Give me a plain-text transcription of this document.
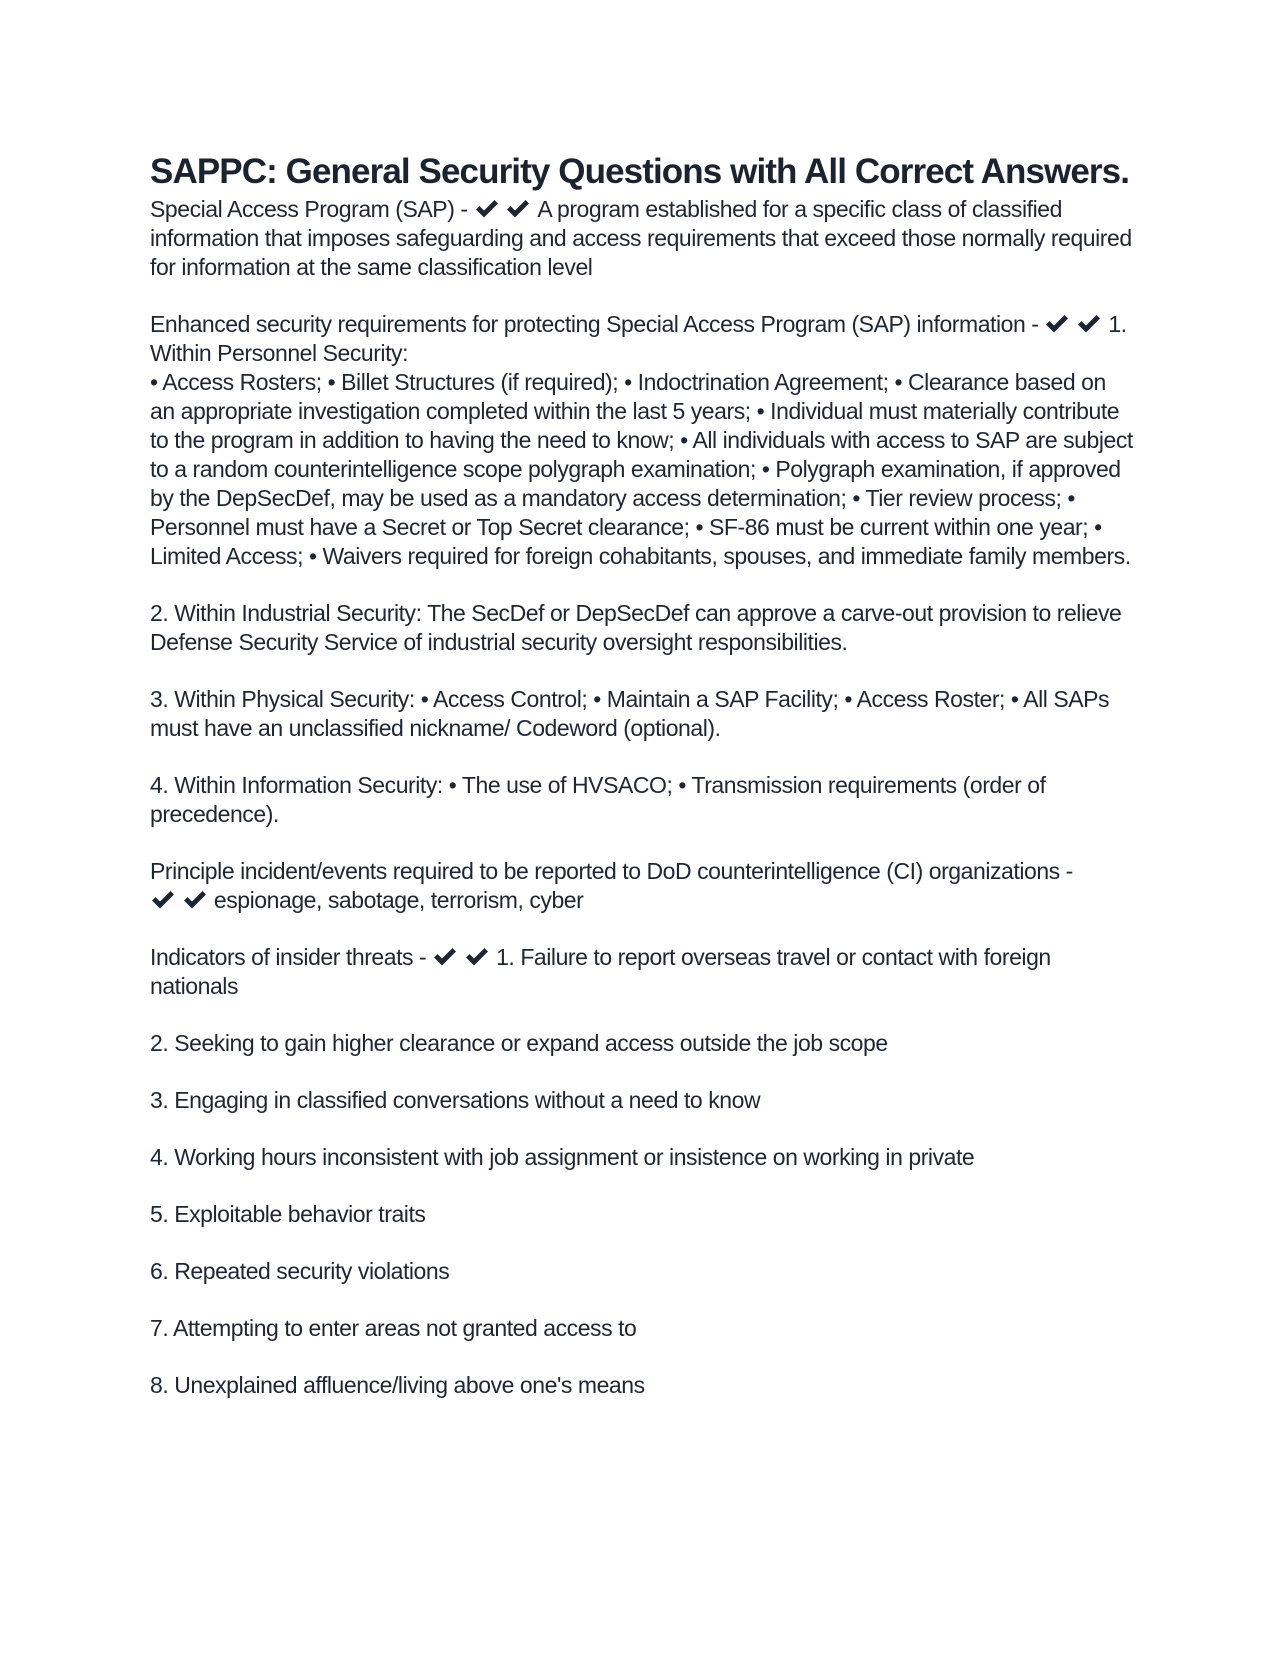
SAPPC: General Security Questions with All Correct Answers.
Special Access Program (SAP) -
	A program established for a specific class of classified information that imposes safeguarding and access requirements that exceed those normally required for information at the same classification level
Enhanced security requirements for protecting Special Access Program (SAP) information -
	1. Within Personnel Security:
• Access Rosters; • Billet Structures (if required); • Indoctrination Agreement; • Clearance based on an appropriate investigation completed within the last 5 years; • Individual must materially contribute to the program in addition to having the need to know; • All individuals with access to SAP are subject to a random counterintelligence scope polygraph examination; • Polygraph examination, if approved by the DepSecDef, may be used as a mandatory access determination; • Tier review process; • Personnel must have a Secret or Top Secret clearance; • SF-86 must be current within one year; • Limited Access; • Waivers required for foreign cohabitants, spouses, and immediate family members.

2. Within Industrial Security: The SecDef or DepSecDef can approve a carve-out provision to relieve Defense Security Service of industrial security oversight responsibilities.

3. Within Physical Security: • Access Control; • Maintain a SAP Facility; • Access Roster; • All SAPs must have an unclassified nickname/ Codeword (optional).

4. Within Information Security: • The use of HVSACO; • Transmission requirements (order of precedence).

Principle incident/events required to be reported to DoD counterintelligence (CI) organizations -

espionage, sabotage, terrorism, cyber
Indicators of insider threats -
	1. Failure to report overseas travel or contact with foreign nationals

2. Seeking to gain higher clearance or expand access outside the job scope

3. Engaging in classified conversations without a need to know

4. Working hours inconsistent with job assignment or insistence on working in private

5. Exploitable behavior traits

6. Repeated security violations

7. Attempting to enter areas not granted access to

8. Unexplained affluence/living above one's means
